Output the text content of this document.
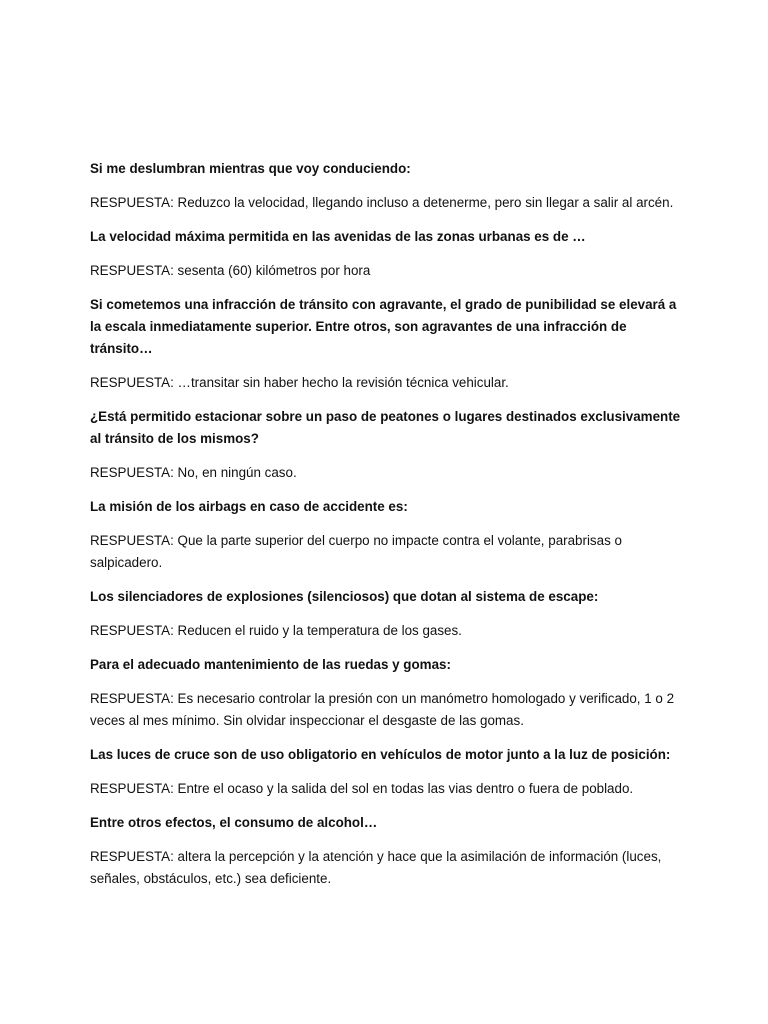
Si me deslumbran mientras que voy conduciendo:

RESPUESTA: Reduzco la velocidad, llegando incluso a detenerme, pero sin llegar a salir al arcén.

La velocidad máxima permitida en las avenidas de las zonas urbanas es de …

RESPUESTA: sesenta (60) kilómetros por hora

Si cometemos una infracción de tránsito con agravante, el grado de punibilidad se elevará a la escala inmediatamente superior. Entre otros, son agravantes de una infracción de tránsito…

RESPUESTA: …transitar sin haber hecho la revisión técnica vehicular.

¿Está permitido estacionar sobre un paso de peatones o lugares destinados exclusivamente al tránsito de los mismos?

RESPUESTA: No, en ningún caso.

La misión de los airbags en caso de accidente es:

RESPUESTA: Que la parte superior del cuerpo no impacte contra el volante, parabrisas o salpicadero.

Los silenciadores de explosiones (silenciosos) que dotan al sistema de escape:

RESPUESTA: Reducen el ruido y la temperatura de los gases.

Para el adecuado mantenimiento de las ruedas y gomas:

RESPUESTA: Es necesario controlar la presión con un manómetro homologado y verificado, 1 o 2 veces al mes mínimo. Sin olvidar inspeccionar el desgaste de las gomas.

Las luces de cruce son de uso obligatorio en vehículos de motor junto a la luz de posición:

RESPUESTA: Entre el ocaso y la salida del sol en todas las vias dentro o fuera de poblado.

Entre otros efectos, el consumo de alcohol…

RESPUESTA: altera la percepción y la atención y hace que la asimilación de información (luces, señales, obstáculos, etc.) sea deficiente.
